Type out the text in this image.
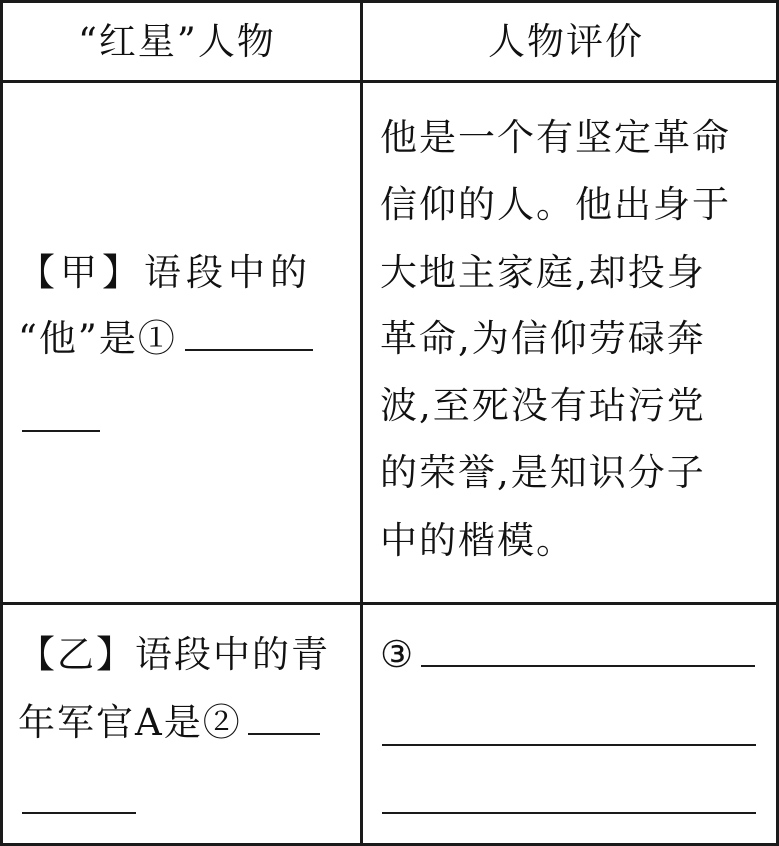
“红星”人物	人物评价
【甲】语段中的
“他”是①
他是一个有坚定革命
信仰的人。他出身于
大地主家庭,却投身
革命,为信仰劳碌奔
波,至死没有玷污党
的荣誉,是知识分子
中的楷模。
【乙】语段中的青
年军官A是②
③
